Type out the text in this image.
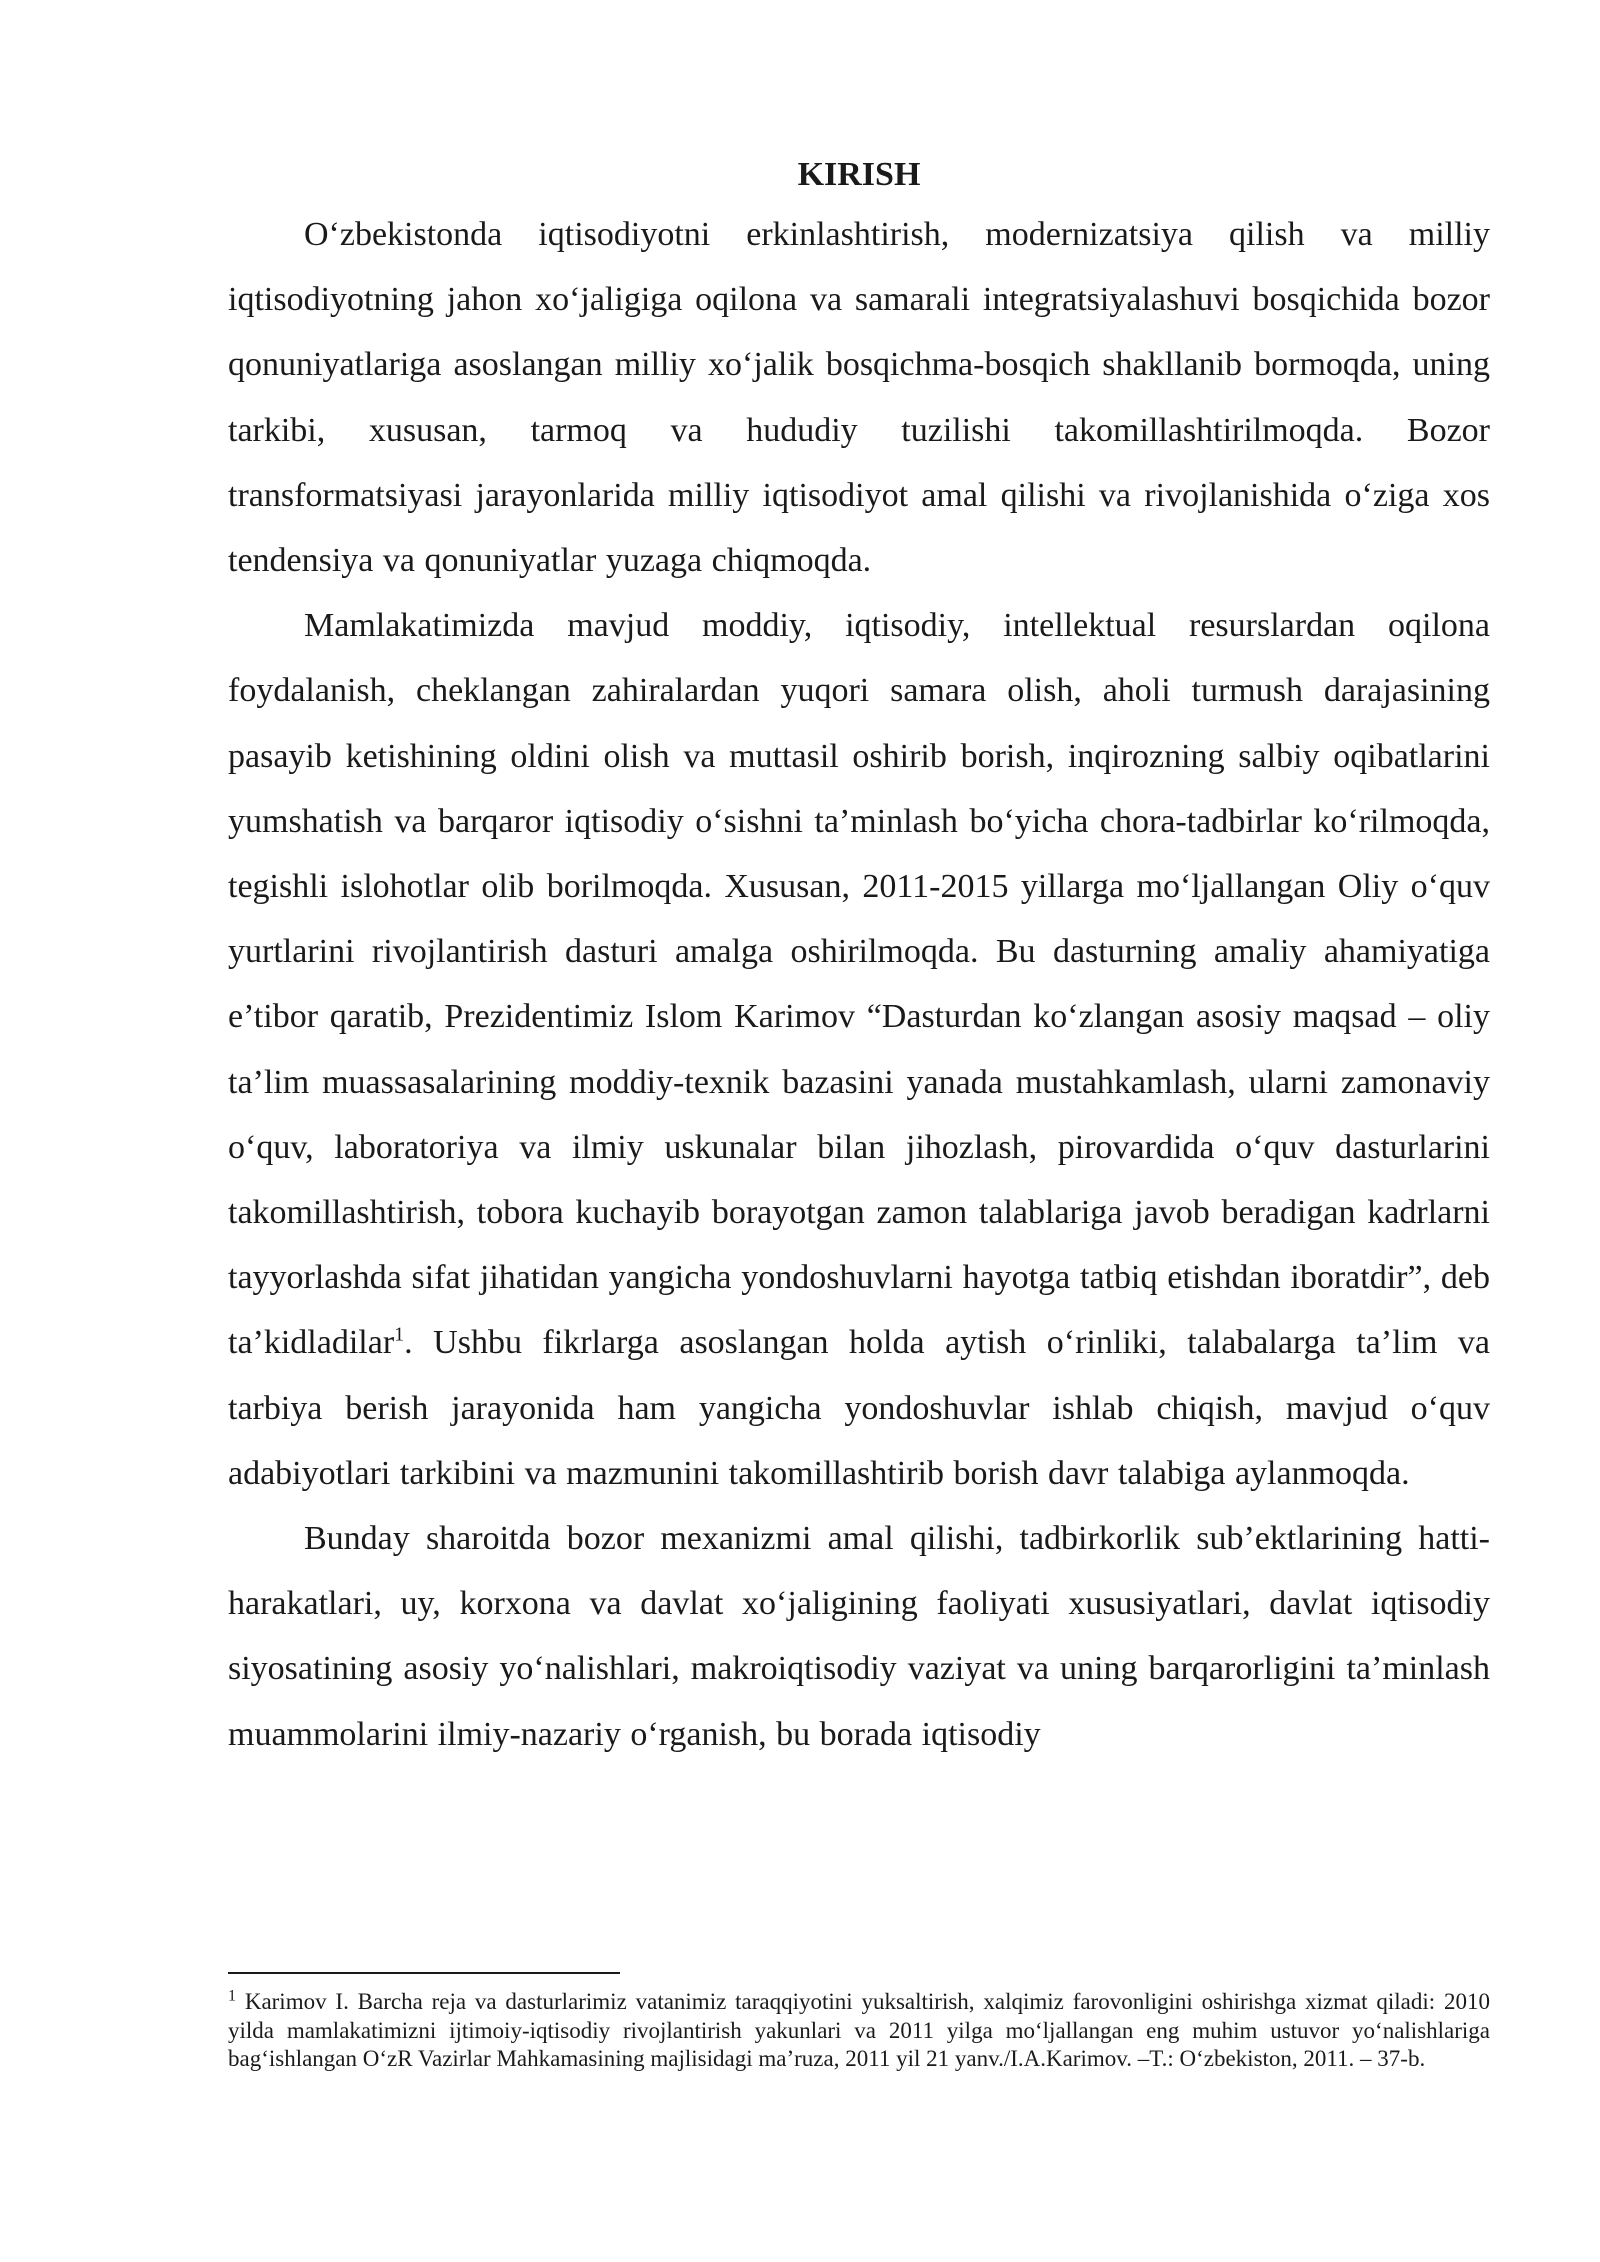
KIRISH

O‘zbekistonda iqtisodiyotni erkinlashtirish, modernizatsiya qilish va milliy iqtisodiyotning jahon xo‘jaligiga oqilona va samarali integratsiyalashuvi bosqichida bozor qonuniyatlariga asoslangan milliy xo‘jalik bosqichma-bosqich shakllanib bormoqda, uning tarkibi, xususan, tarmoq va hududiy tuzilishi takomillashtirilmoqda. Bozor transformatsiyasi jarayonlarida milliy iqtisodiyot amal qilishi va rivojlanishida o‘ziga xos tendensiya va qonuniyatlar yuzaga chiqmoqda.

Mamlakatimizda mavjud moddiy, iqtisodiy, intellektual resurslardan oqilona foydalanish, cheklangan zahiralardan yuqori samara olish, aholi turmush darajasining pasayib ketishining oldini olish va muttasil oshirib borish, inqirozning salbiy oqibatlarini yumshatish va barqaror iqtisodiy o‘sishni ta’minlash bo‘yicha chora-tadbirlar ko‘rilmoqda, tegishli islohotlar olib borilmoqda. Xususan, 2011-2015 yillarga mo‘ljallangan Oliy o‘quv yurtlarini rivojlantirish dasturi amalga oshirilmoqda. Bu dasturning amaliy ahamiyatiga e’tibor qaratib, Prezidentimiz Islom Karimov “Dasturdan ko‘zlangan asosiy maqsad – oliy ta’lim muassasalarining moddiy-texnik bazasini yanada mustahkamlash, ularni zamonaviy o‘quv, laboratoriya va ilmiy uskunalar bilan jihozlash, pirovardida o‘quv dasturlarini takomillashtirish, tobora kuchayib borayotgan zamon talablariga javob beradigan kadrlarni tayyorlashda sifat jihatidan yangicha yondoshuvlarni hayotga tatbiq etishdan iboratdir”, deb ta’kidladilar$^1$. Ushbu fikrlarga asoslangan holda aytish o‘rinliki, talabalarga ta’lim va tarbiya berish jarayonida ham yangicha yondoshuvlar ishlab chiqish, mavjud o‘quv adabiyotlari tarkibini va mazmunini takomillashtirib borish davr talabiga aylanmoqda.

Bunday sharoitda bozor mexanizmi amal qilishi, tadbirkorlik sub’ektlarining hatti-harakatlari, uy, korxona va davlat xo‘jaligining faoliyati xususiyatlari, davlat iqtisodiy siyosatining asosiy yo‘nalishlari, makroiqtisodiy vaziyat va uning barqarorligini ta’minlash muammolarini ilmiy-nazariy o‘rganish, bu borada iqtisodiy

$^1$ Karimov I. Barcha reja va dasturlarimiz vatanimiz taraqqiyotini yuksaltirish, xalqimiz farovonligini oshirishga xizmat qiladi: 2010 yilda mamlakatimizni ijtimoiy-iqtisodiy rivojlantirish yakunlari va 2011 yilga mo‘ljallangan eng muhim ustuvor yo‘nalishlariga bag‘ishlangan O‘zR Vazirlar Mahkamasining majlisidagi ma’ruza, 2011 yil 21 yanv./I.A.Karimov. –T.: O‘zbekiston, 2011. – 37-b.
